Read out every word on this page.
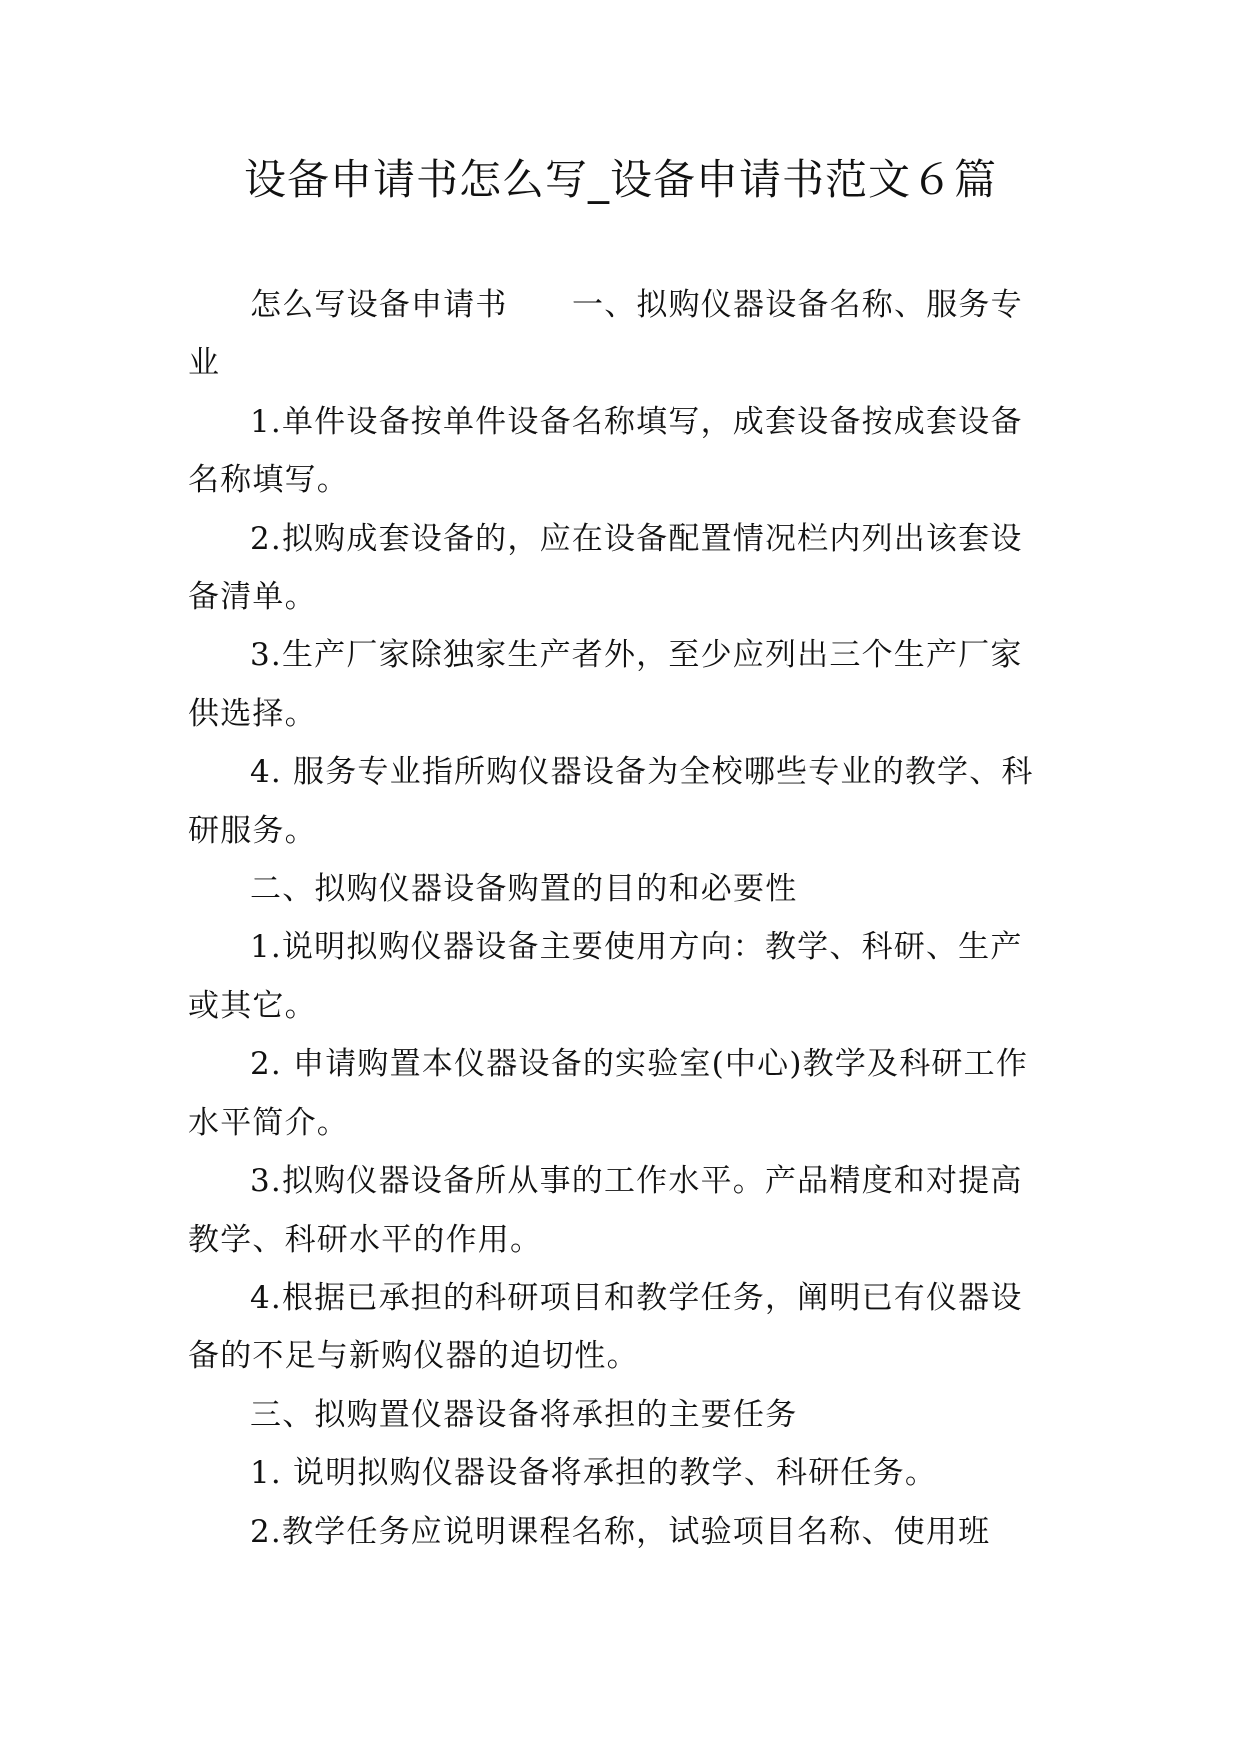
设备申请书怎么写_设备申请书范文６篇

怎么写设备申请书　　一、拟购仪器设备名称、服务专业

1.单件设备按单件设备名称填写，成套设备按成套设备名称填写。

2.拟购成套设备的，应在设备配置情况栏内列出该套设备清单。

3.生产厂家除独家生产者外，至少应列出三个生产厂家供选择。

4. 服务专业指所购仪器设备为全校哪些专业的教学、科研服务。

二、拟购仪器设备购置的目的和必要性

1.说明拟购仪器设备主要使用方向：教学、科研、生产或其它。

2. 申请购置本仪器设备的实验室(中心)教学及科研工作水平简介。

3.拟购仪器设备所从事的工作水平。产品精度和对提高教学、科研水平的作用。

4.根据已承担的科研项目和教学任务，阐明已有仪器设备的不足与新购仪器的迫切性。

三、拟购置仪器设备将承担的主要任务

1. 说明拟购仪器设备将承担的教学、科研任务。

2.教学任务应说明课程名称，试验项目名称、使用班
